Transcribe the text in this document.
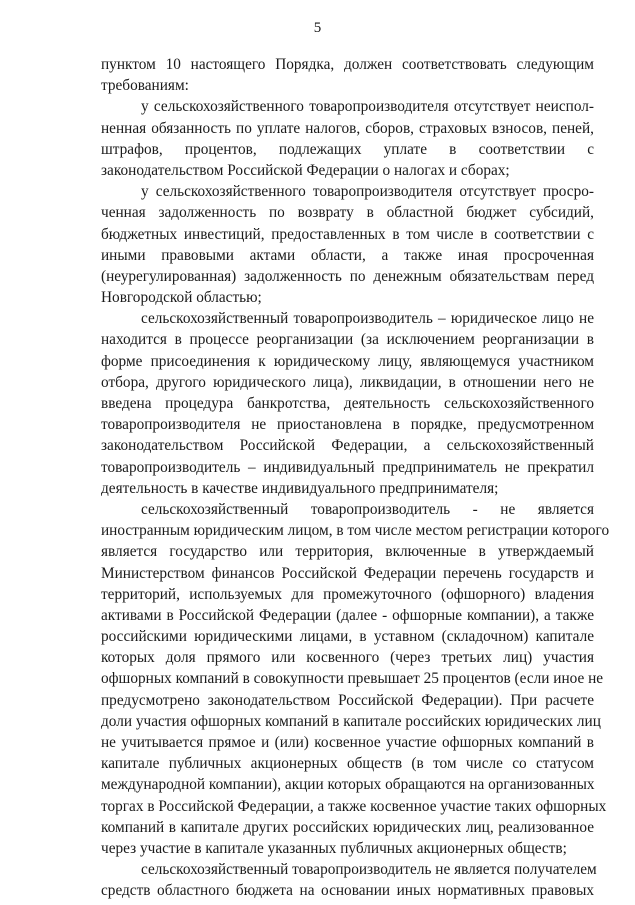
5
пунктом 10 настоящего Порядка, должен соответствовать следующим
требованиям:
у сельскохозяйственного товаропроизводителя отсутствует неиспол-
ненная обязанность по уплате налогов, сборов, страховых взносов, пеней,
штрафов, процентов, подлежащих уплате в соответствии с
законодательством Российской Федерации о налогах и сборах;
у сельскохозяйственного товаропроизводителя отсутствует просро-
ченная задолженность по возврату в областной бюджет субсидий,
бюджетных инвестиций, предоставленных в том числе в соответствии с
иными правовыми актами области, а также иная просроченная
(неурегулированная) задолженность по денежным обязательствам перед
Новгородской областью;
сельскохозяйственный товаропроизводитель – юридическое лицо не
находится в процессе реорганизации (за исключением реорганизации в
форме присоединения к юридическому лицу, являющемуся участником
отбора, другого юридического лица), ликвидации, в отношении него не
введена процедура банкротства, деятельность сельскохозяйственного
товаропроизводителя не приостановлена в порядке, предусмотренном
законодательством Российской Федерации, а сельскохозяйственный
товаропроизводитель – индивидуальный предприниматель не прекратил
деятельность в качестве индивидуального предпринимателя;
сельскохозяйственный товаропроизводитель - не является
иностранным юридическим лицом, в том числе местом регистрации которого
является государство или территория, включенные в утверждаемый
Министерством финансов Российской Федерации перечень государств и
территорий, используемых для промежуточного (офшорного) владения
активами в Российской Федерации (далее - офшорные компании), а также
российскими юридическими лицами, в уставном (складочном) капитале
которых доля прямого или косвенного (через третьих лиц) участия
офшорных компаний в совокупности превышает 25 процентов (если иное не
предусмотрено законодательством Российской Федерации). При расчете
доли участия офшорных компаний в капитале российских юридических лиц
не учитывается прямое и (или) косвенное участие офшорных компаний в
капитале публичных акционерных обществ (в том числе со статусом
международной компании), акции которых обращаются на организованных
торгах в Российской Федерации, а также косвенное участие таких офшорных
компаний в капитале других российских юридических лиц, реализованное
через участие в капитале указанных публичных акционерных обществ;
сельскохозяйственный товаропроизводитель не является получателем
средств областного бюджета на основании иных нормативных правовых
